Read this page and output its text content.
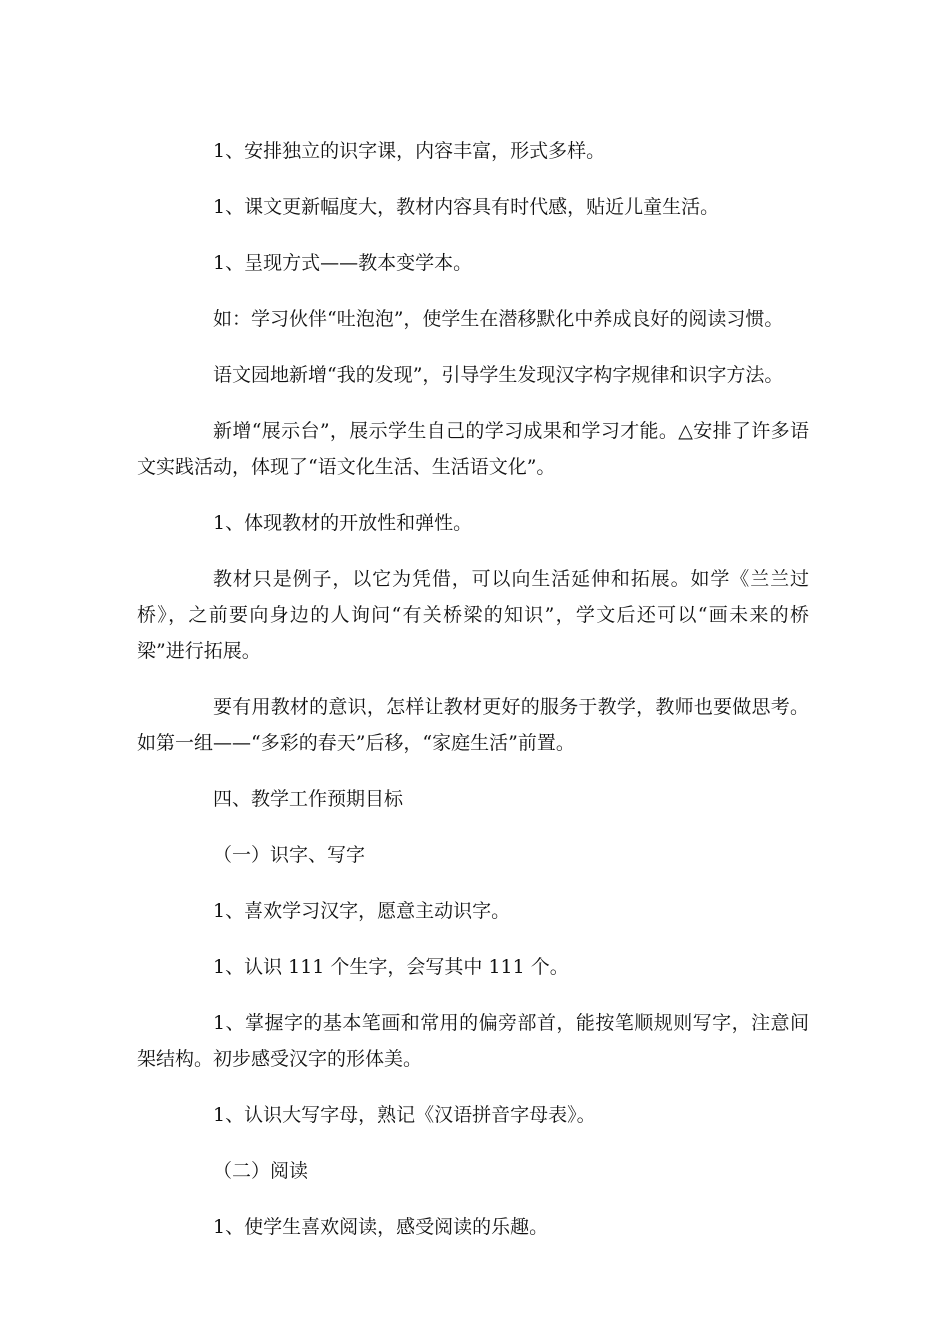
1、安排独立的识字课，内容丰富，形式多样。

1、课文更新幅度大，教材内容具有时代感，贴近儿童生活。

1、呈现方式——教本变学本。

如：学习伙伴“吐泡泡”，使学生在潜移默化中养成良好的阅读习惯。

语文园地新增“我的发现”，引导学生发现汉字构字规律和识字方法。

新增“展示台”，展示学生自己的学习成果和学习才能。△安排了许多语文实践活动，体现了“语文化生活、生活语文化”。

1、体现教材的开放性和弹性。

教材只是例子，以它为凭借，可以向生活延伸和拓展。如学《兰兰过桥》，之前要向身边的人询问“有关桥梁的知识”，学文后还可以“画未来的桥梁”进行拓展。

要有用教材的意识，怎样让教材更好的服务于教学，教师也要做思考。如第一组——“多彩的春天”后移，“家庭生活”前置。

四、教学工作预期目标

（一）识字、写字

1、喜欢学习汉字，愿意主动识字。

1、认识 111 个生字，会写其中 111 个。

1、掌握字的基本笔画和常用的偏旁部首，能按笔顺规则写字，注意间架结构。初步感受汉字的形体美。

1、认识大写字母，熟记《汉语拼音字母表》。

（二）阅读

1、使学生喜欢阅读，感受阅读的乐趣。
